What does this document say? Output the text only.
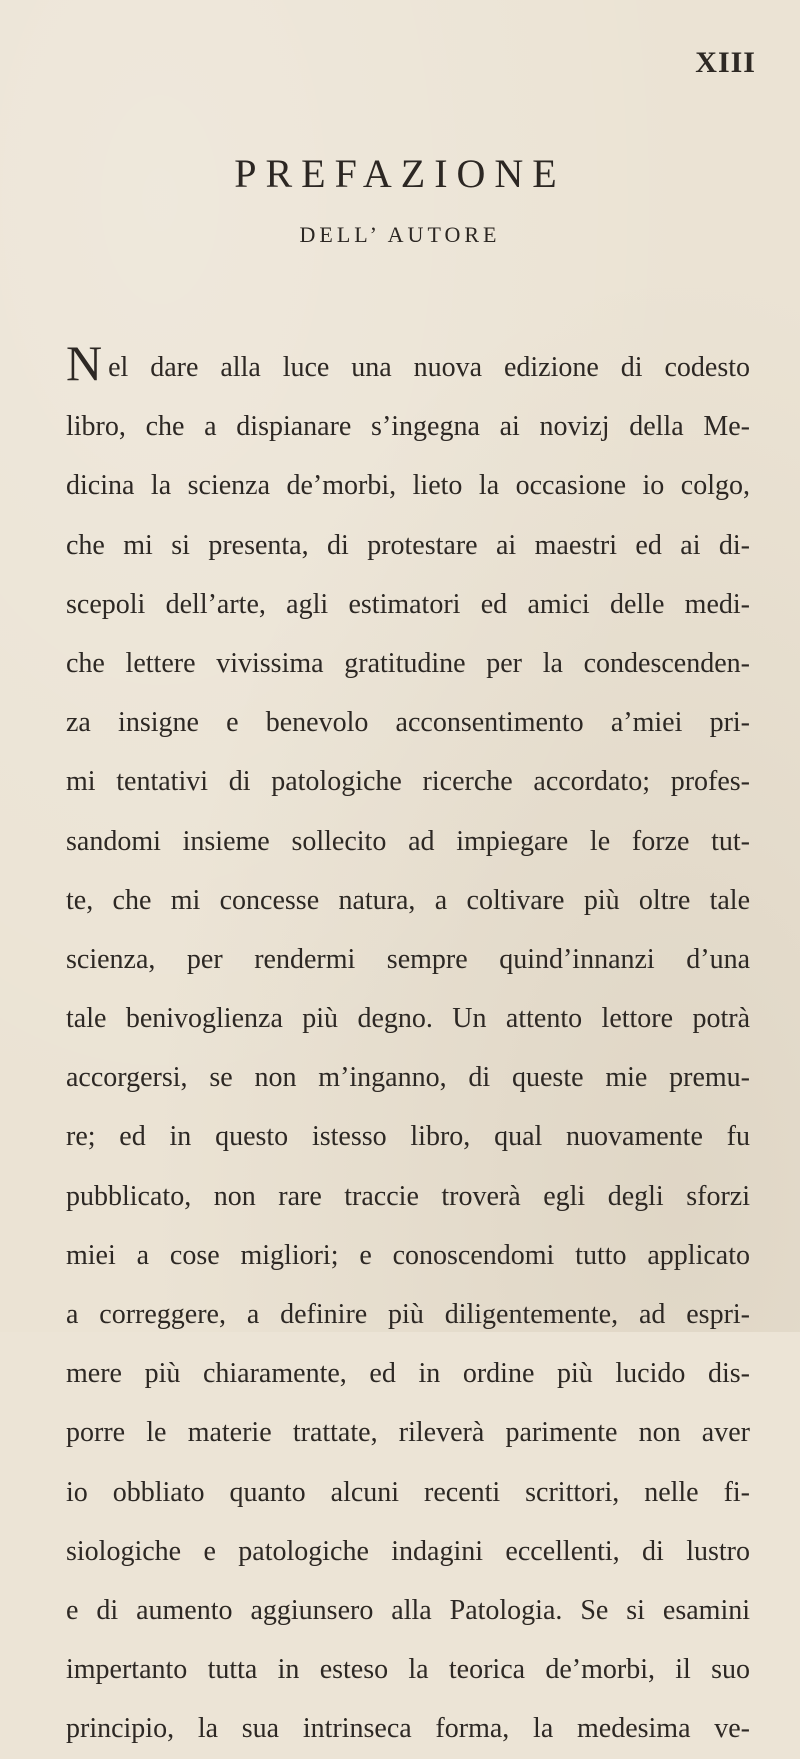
XIII
PREFAZIONE
DELL’ AUTORE
Nel dare alla luce una nuova edizione di codesto
libro, che a dispianare s’ingegna ai novizj della Me-
dicina la scienza de’morbi, lieto la occasione io colgo,
che mi si presenta, di protestare ai maestri ed ai di-
scepoli dell’arte, agli estimatori ed amici delle medi-
che lettere vivissima gratitudine per la condescenden-
za insigne e benevolo acconsentimento a’miei pri-
mi tentativi di patologiche ricerche accordato; profes-
sandomi insieme sollecito ad impiegare le forze tut-
te, che mi concesse natura, a coltivare più oltre tale
scienza, per rendermi sempre quind’innanzi d’una
tale benivoglienza più degno. Un attento lettore potrà
accorgersi, se non m’inganno, di queste mie premu-
re; ed in questo istesso libro, qual nuovamente fu
pubblicato, non rare traccie troverà egli degli sforzi
miei a cose migliori; e conoscendomi tutto applicato
a correggere, a definire più diligentemente, ad espri-
mere più chiaramente, ed in ordine più lucido dis-
porre le materie trattate, rileverà parimente non aver
io obbliato quanto alcuni recenti scrittori, nelle fi-
siologiche e patologiche indagini eccellenti, di lustro
e di aumento aggiunsero alla Patologia. Se si esamini
impertanto tutta in esteso la teorica de’morbi, il suo
principio, la sua intrinseca forma, la medesima ve-
